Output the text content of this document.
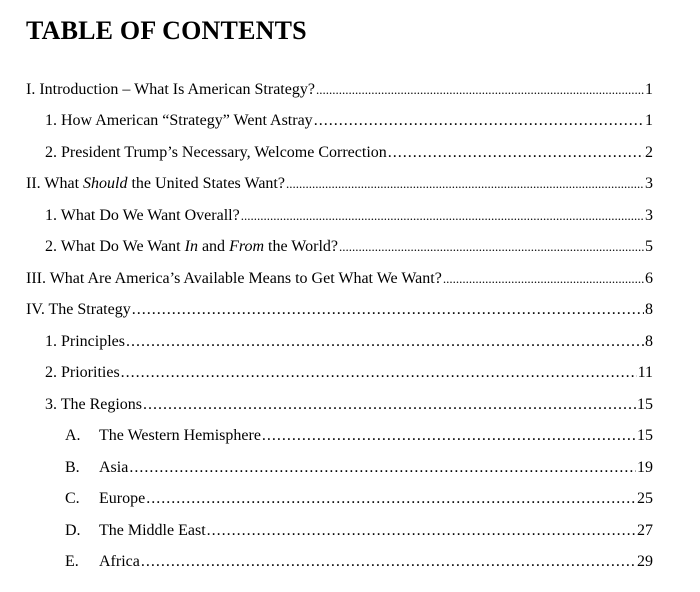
TABLE OF CONTENTS
I. Introduction – What Is American Strategy? .....	1
1. How American “Strategy” Went Astray .....	1
2. President Trump’s Necessary, Welcome Correction .....	2
II. What Should the United States Want? .....	3
1. What Do We Want Overall? .....	3
2. What Do We Want In and From the World? .....	5
III. What Are America’s Available Means to Get What We Want? .....	6
IV. The Strategy .....	8
1. Principles .....	8
2. Priorities .....	11
3. The Regions .....	15
A.	The Western Hemisphere .....	15
B.	Asia .....	19
C.	Europe .....	25
D.	The Middle East .....	27
E.	Africa .....	29
